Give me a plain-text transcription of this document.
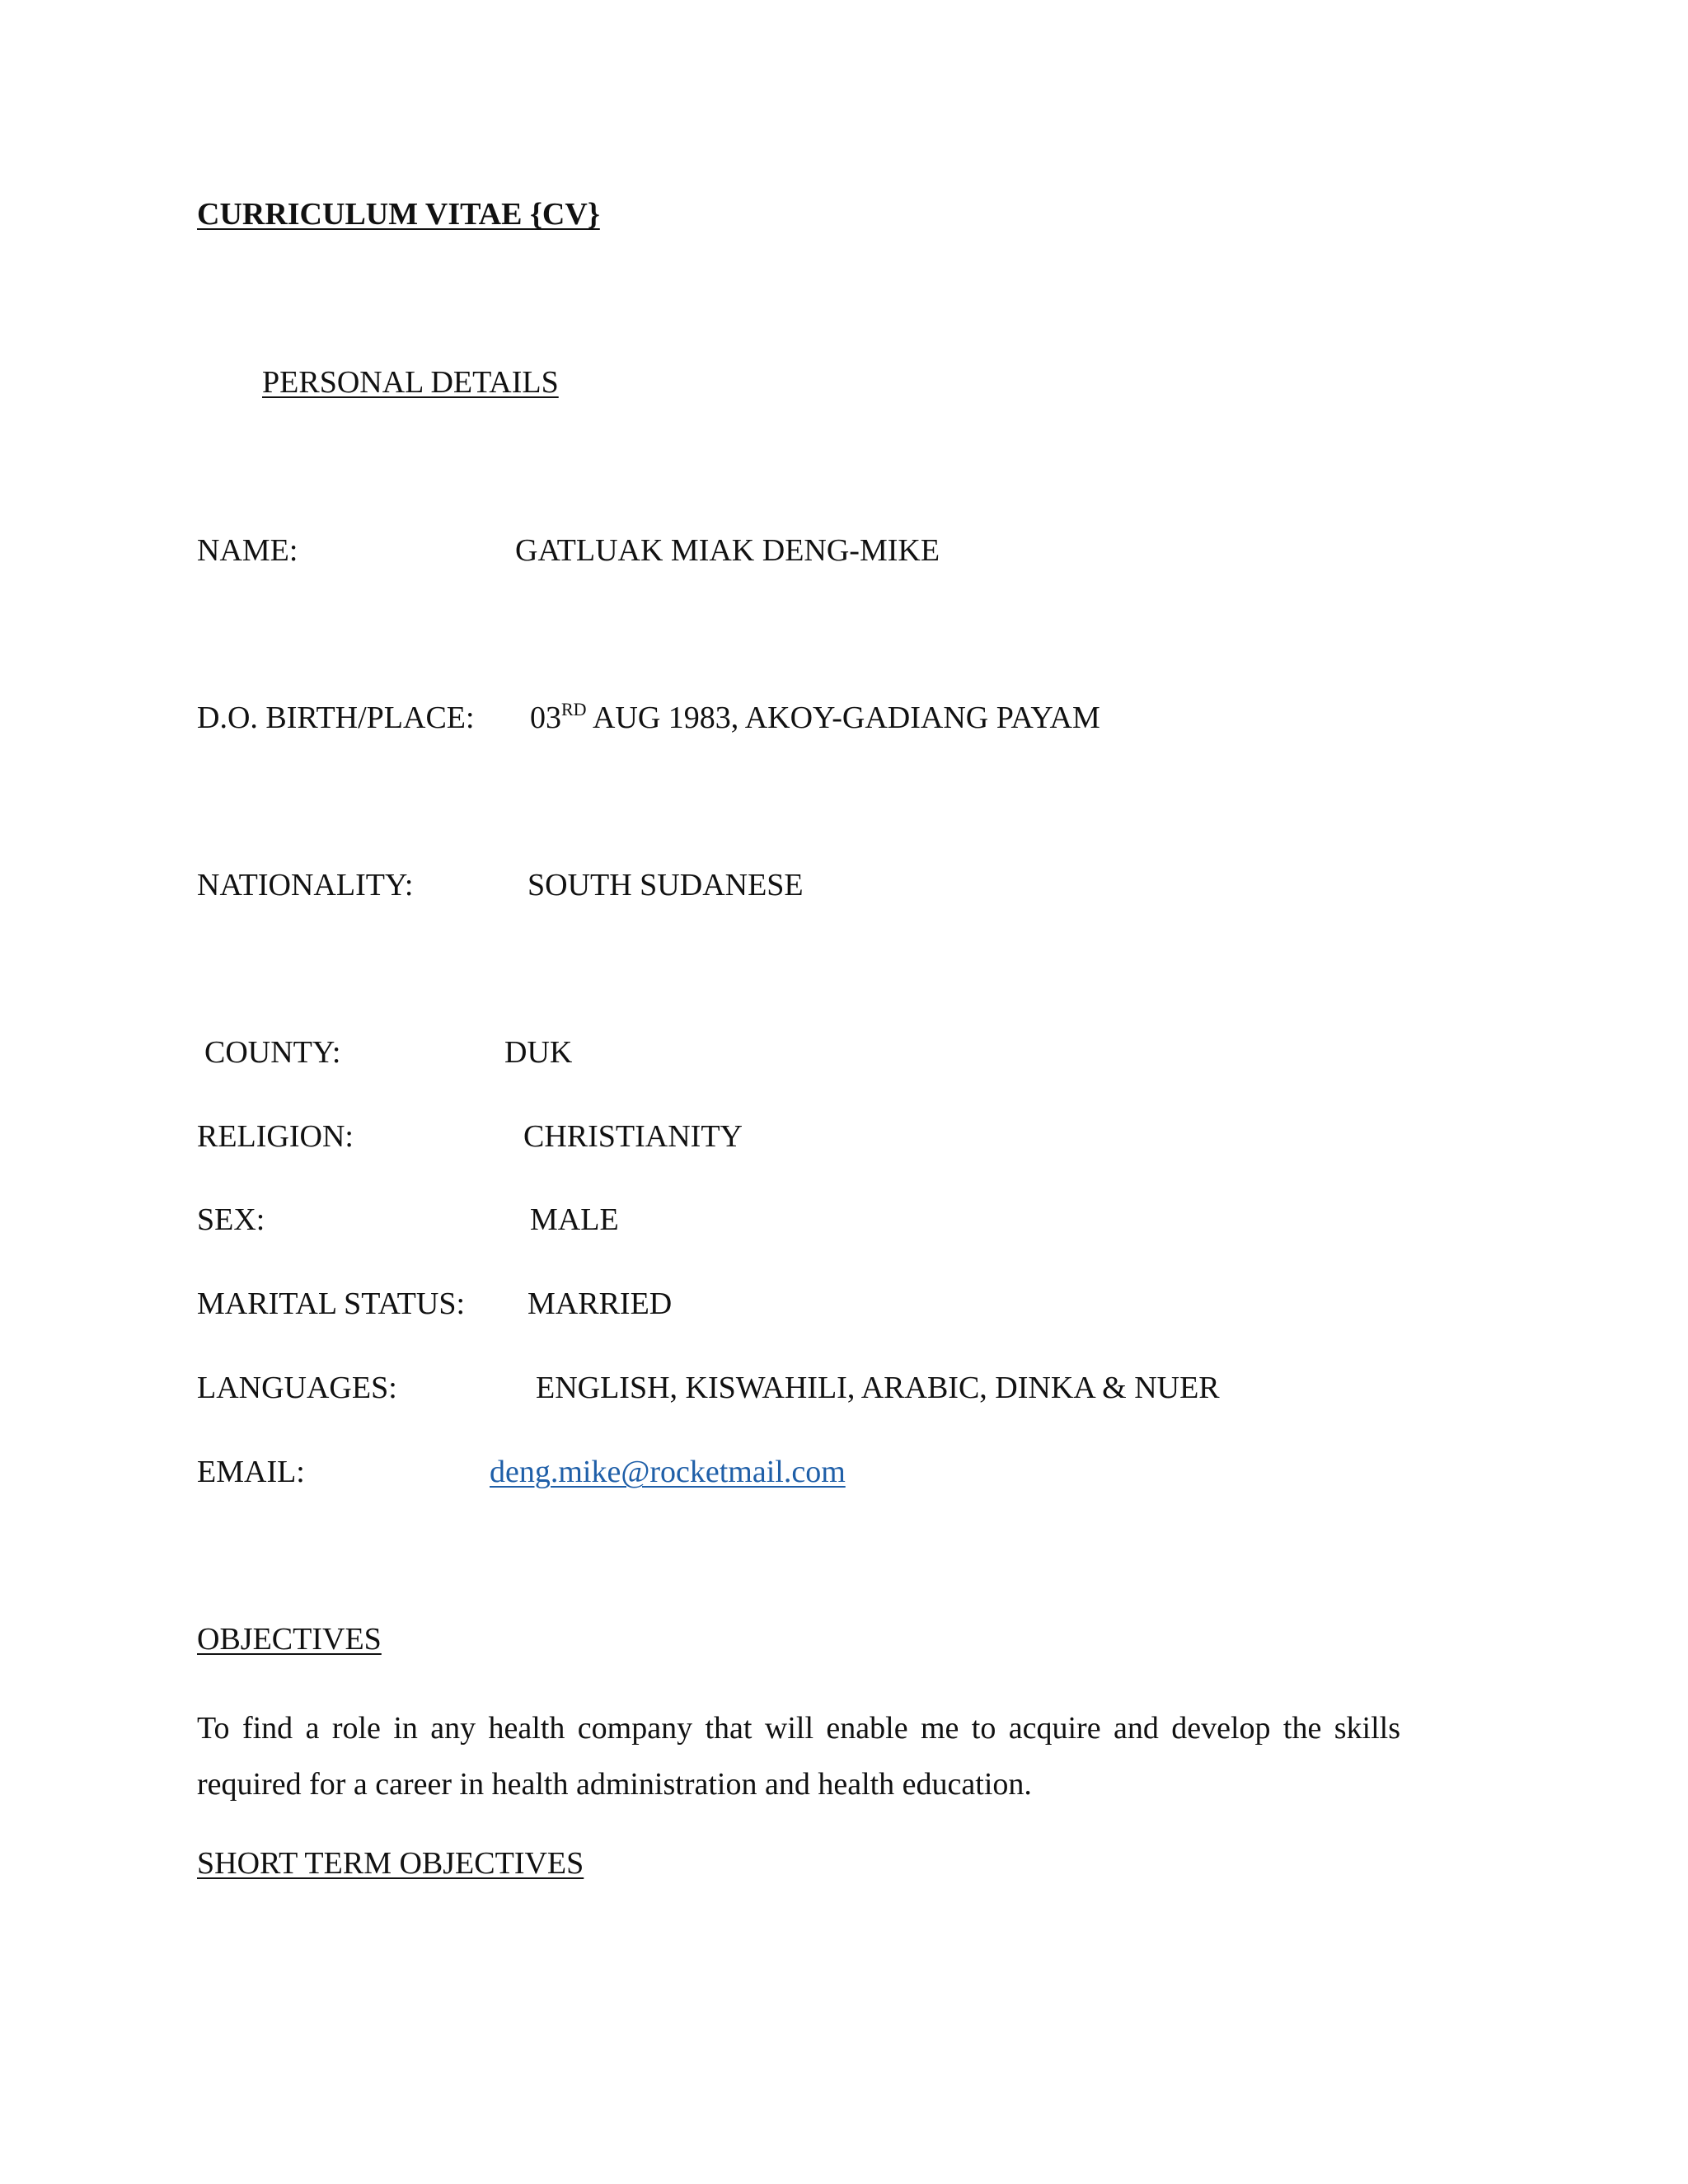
CURRICULUM VITAE {CV}

PERSONAL DETAILS

NAME:	GATLUAK MIAK DENG-MIKE

D.O. BIRTH/PLACE: 03RD AUG 1983, AKOY-GADIANG PAYAM

NATIONALITY:	SOUTH SUDANESE

COUNTY:	DUK

RELIGION:	CHRISTIANITY

SEX:	MALE

MARITAL STATUS: MARRIED

LANGUAGES:	ENGLISH, KISWAHILI, ARABIC, DINKA & NUER

EMAIL:	deng.mike@rocketmail.com

OBJECTIVES

To find a role in any health company that will enable me to acquire and develop the skills required for a career in health administration and health education.

SHORT TERM OBJECTIVES
